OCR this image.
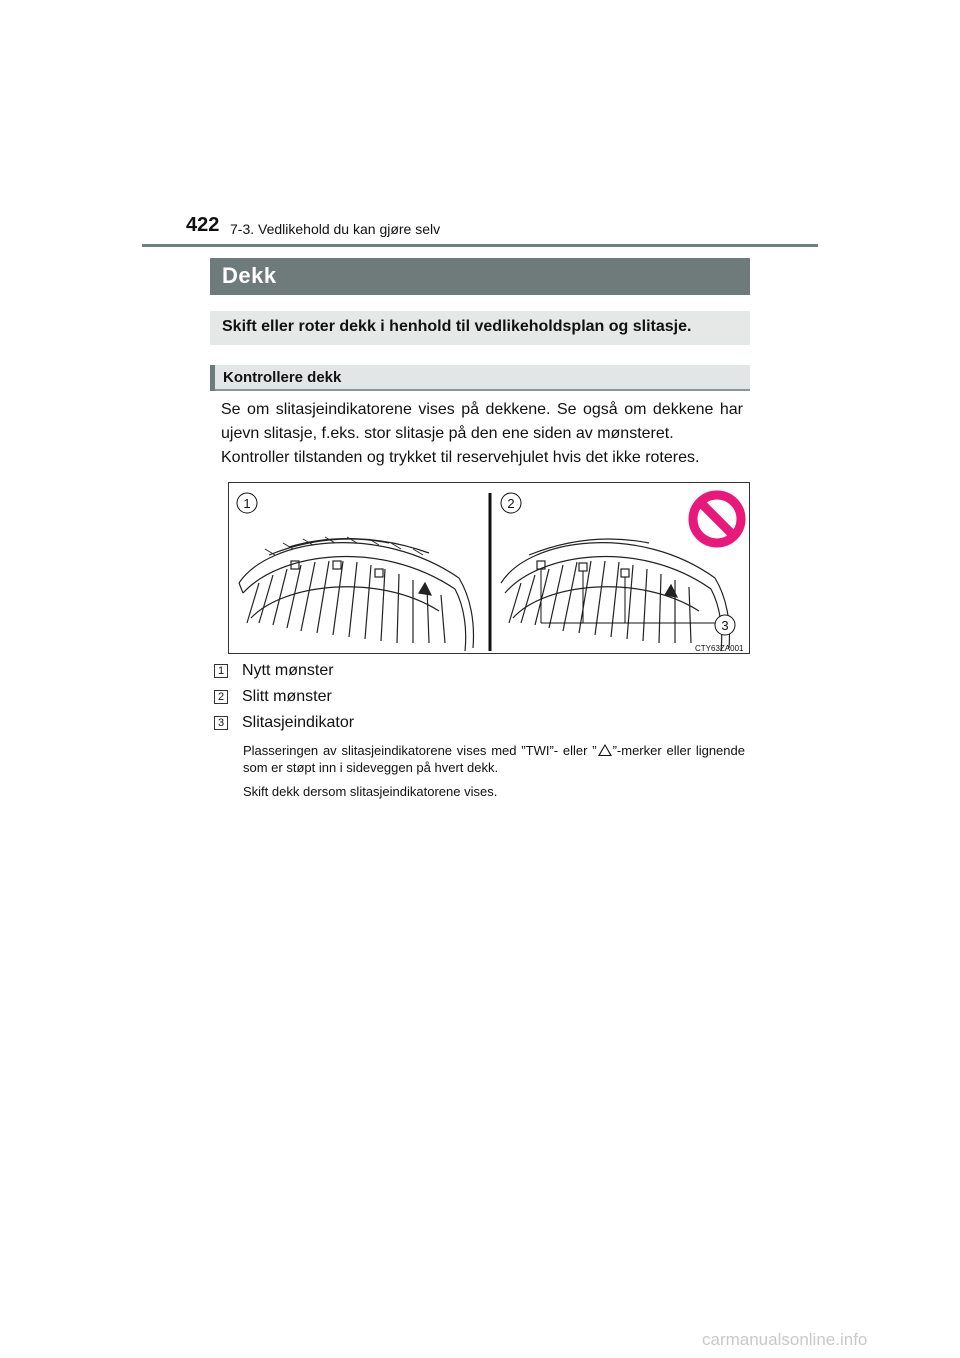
422 7-3. Vedlikehold du kan gjøre selv
Dekk
Skift eller roter dekk i henhold til vedlikeholdsplan og slitasje.
Kontrollere dekk
Se om slitasjeindikatorene vises på dekkene. Se også om dekkene har ujevn slitasje, f.eks. stor slitasje på den ene siden av mønsteret.
Kontroller tilstanden og trykket til reservehjulet hvis det ikke roteres.
1	2
3
CTY63ZA001
1 Nytt mønster
2 Slitt mønster
3 Slitasjeindikator
Plasseringen av slitasjeindikatorene vises med ”TWI”- eller ” ”-merker eller lignende som er støpt inn i sideveggen på hvert dekk.
Skift dekk dersom slitasjeindikatorene vises.
carmanualsonline.info
